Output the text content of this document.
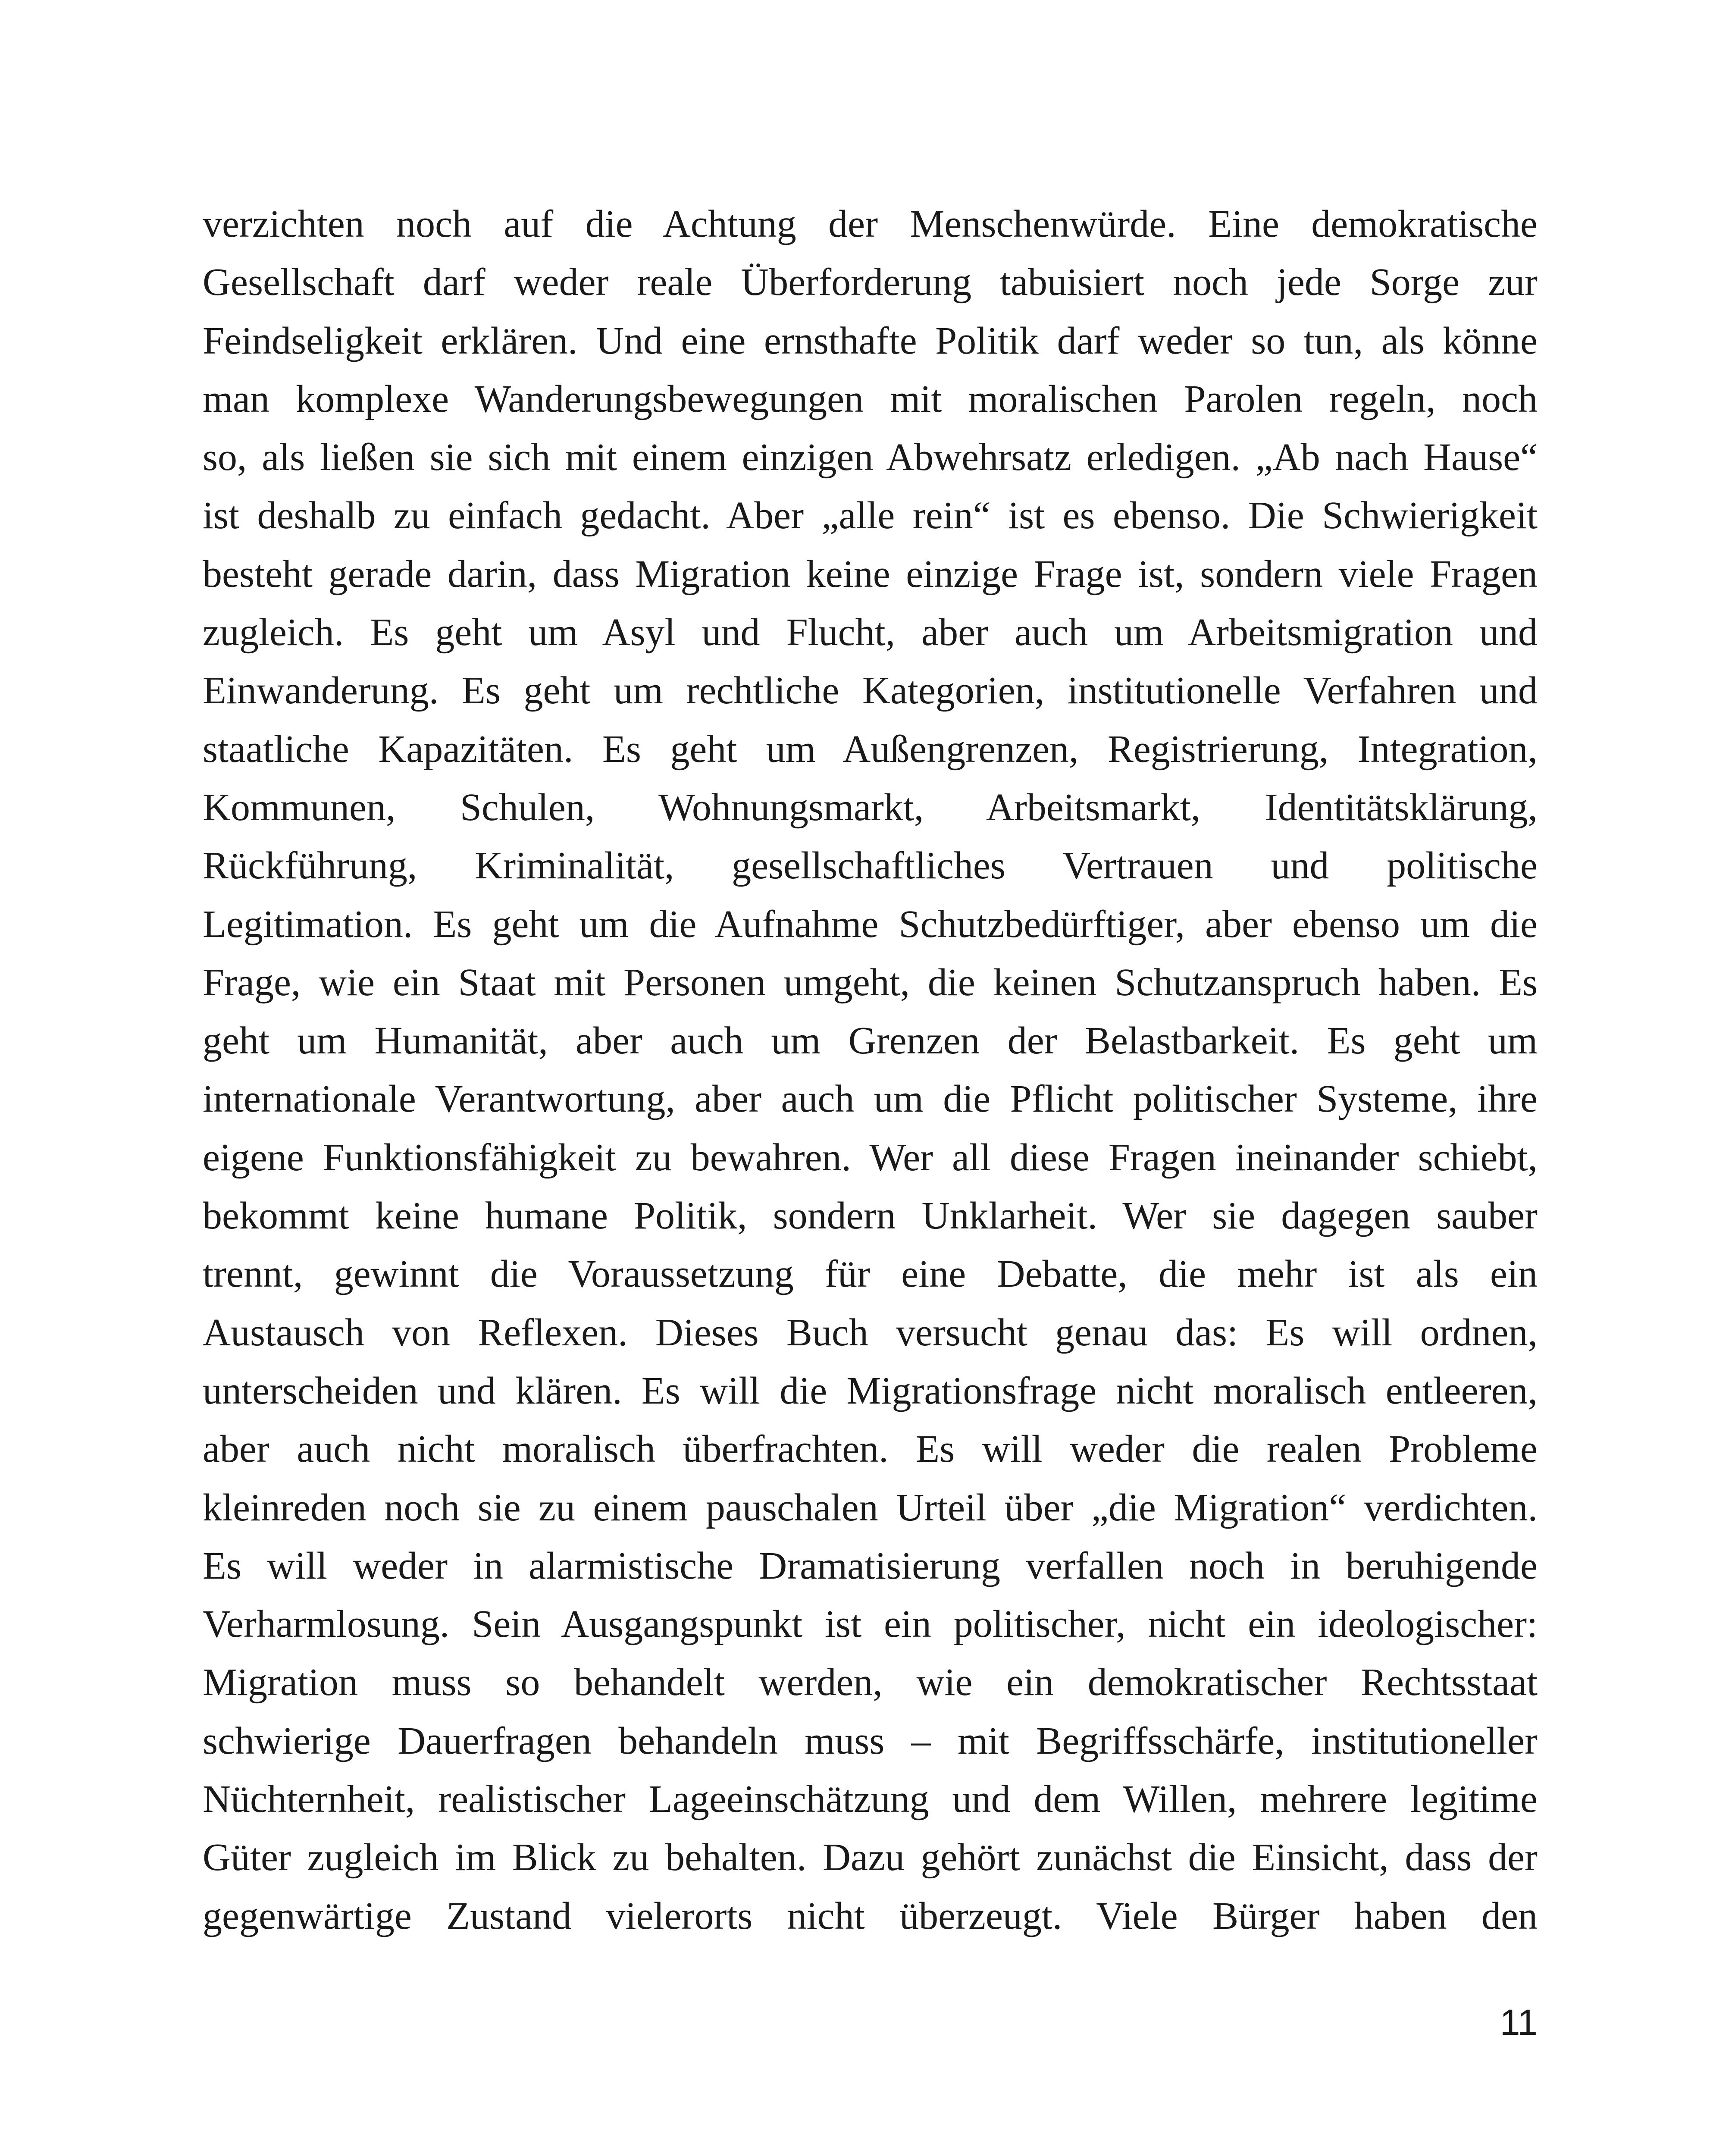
verzichten noch auf die Achtung der Menschenwürde. Eine demokratische
Gesellschaft darf weder reale Überforderung tabuisiert noch jede Sorge zur
Feindseligkeit erklären. Und eine ernsthafte Politik darf weder so tun, als könne
man komplexe Wanderungsbewegungen mit moralischen Parolen regeln, noch
so, als ließen sie sich mit einem einzigen Abwehrsatz erledigen. „Ab nach Hause“
ist deshalb zu einfach gedacht. Aber „alle rein“ ist es ebenso. Die Schwierigkeit
besteht gerade darin, dass Migration keine einzige Frage ist, sondern viele Fragen
zugleich. Es geht um Asyl und Flucht, aber auch um Arbeitsmigration und
Einwanderung. Es geht um rechtliche Kategorien, institutionelle Verfahren und
staatliche Kapazitäten. Es geht um Außengrenzen, Registrierung, Integration,
Kommunen, Schulen, Wohnungsmarkt, Arbeitsmarkt, Identitätsklärung,
Rückführung, Kriminalität, gesellschaftliches Vertrauen und politische
Legitimation. Es geht um die Aufnahme Schutzbedürftiger, aber ebenso um die
Frage, wie ein Staat mit Personen umgeht, die keinen Schutzanspruch haben. Es
geht um Humanität, aber auch um Grenzen der Belastbarkeit. Es geht um
internationale Verantwortung, aber auch um die Pflicht politischer Systeme, ihre
eigene Funktionsfähigkeit zu bewahren. Wer all diese Fragen ineinander schiebt,
bekommt keine humane Politik, sondern Unklarheit. Wer sie dagegen sauber
trennt, gewinnt die Voraussetzung für eine Debatte, die mehr ist als ein
Austausch von Reflexen. Dieses Buch versucht genau das: Es will ordnen,
unterscheiden und klären. Es will die Migrationsfrage nicht moralisch entleeren,
aber auch nicht moralisch überfrachten. Es will weder die realen Probleme
kleinreden noch sie zu einem pauschalen Urteil über „die Migration“ verdichten.
Es will weder in alarmistische Dramatisierung verfallen noch in beruhigende
Verharmlosung. Sein Ausgangspunkt ist ein politischer, nicht ein ideologischer:
Migration muss so behandelt werden, wie ein demokratischer Rechtsstaat
schwierige Dauerfragen behandeln muss – mit Begriffsschärfe, institutioneller
Nüchternheit, realistischer Lageeinschätzung und dem Willen, mehrere legitime
Güter zugleich im Blick zu behalten. Dazu gehört zunächst die Einsicht, dass der
gegenwärtige Zustand vielerorts nicht überzeugt. Viele Bürger haben den
11
